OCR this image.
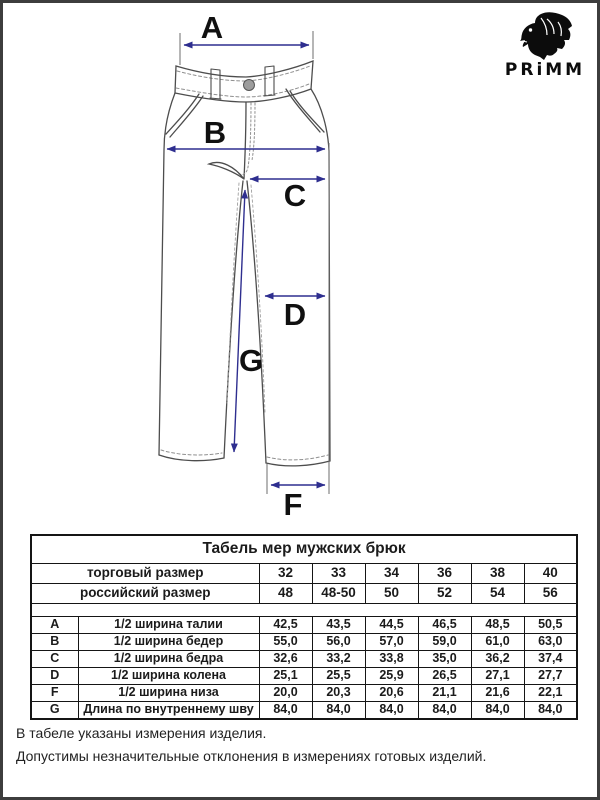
A
B
C
D
G
F
PRiMM
Табель мер мужских брюк							
торговый размер		32	33	34	36	38	40
российский размер		48	48-50	50	52	54	56

A	1/2 ширина талии	42,5	43,5	44,5	46,5	48,5	50,5
B	1/2 ширина бедер	55,0	56,0	57,0	59,0	61,0	63,0
C	1/2 ширина бедра	32,6	33,2	33,8	35,0	36,2	37,4
D	1/2 ширина колена	25,1	25,5	25,9	26,5	27,1	27,7
F	1/2 ширина низа	20,0	20,3	20,6	21,1	21,6	22,1
G	Длина по внутреннему шву	84,0	84,0	84,0	84,0	84,0	84,0

В табеле указаны измерения изделия.

Допустимы незначительные отклонения в измерениях готовых изделий.
